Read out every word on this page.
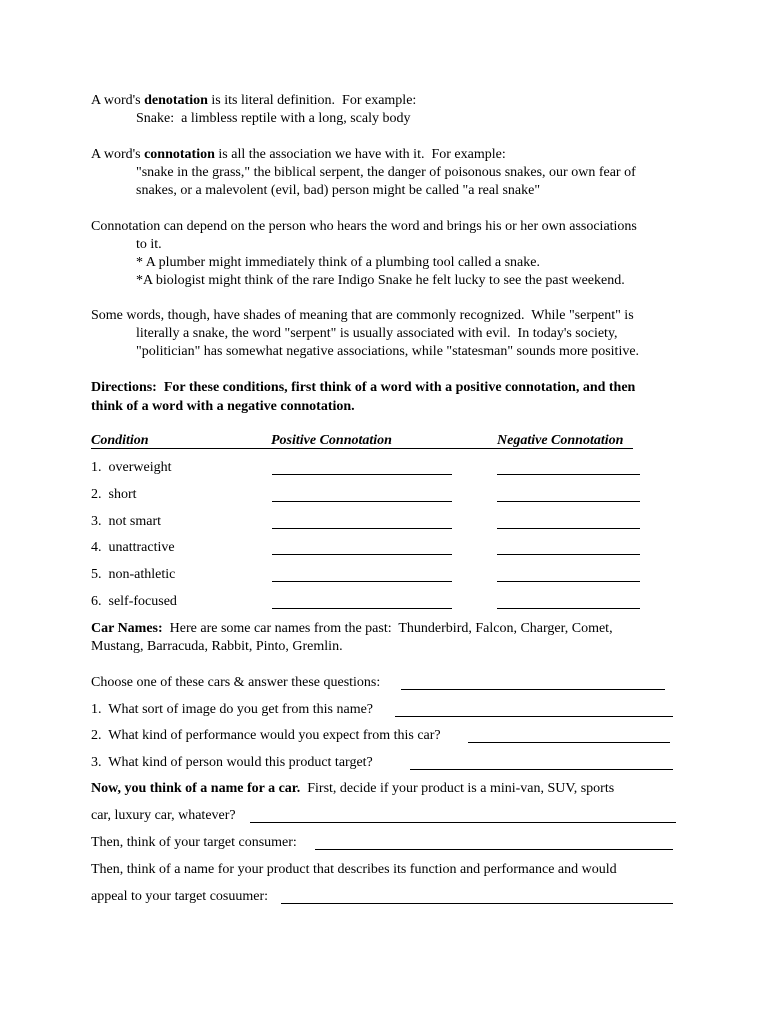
A word's denotation is its literal definition.  For example:
Snake:  a limbless reptile with a long, scaly body
A word's connotation is all the association we have with it.  For example:
"snake in the grass," the biblical serpent, the danger of poisonous snakes, our own fear of
snakes, or a malevolent (evil, bad) person might be called "a real snake"
Connotation can depend on the person who hears the word and brings his or her own associations
to it.
* A plumber might immediately think of a plumbing tool called a snake.
*A biologist might think of the rare Indigo Snake he felt lucky to see the past weekend.
Some words, though, have shades of meaning that are commonly recognized.  While "serpent" is
literally a snake, the word "serpent" is usually associated with evil.  In today's society,
"politician" has somewhat negative associations, while "statesman" sounds more positive.
Directions:  For these conditions, first think of a word with a positive connotation, and then
think of a word with a negative connotation.
Condition	Positive Connotation	Negative Connotation
1.  overweight
2.  short
3.  not smart
4.  unattractive
5.  non-athletic
6.  self-focused
Car Names:  Here are some car names from the past:  Thunderbird, Falcon, Charger, Comet,
Mustang, Barracuda, Rabbit, Pinto, Gremlin.
Choose one of these cars & answer these questions:
1.  What sort of image do you get from this name?
2.  What kind of performance would you expect from this car?
3.  What kind of person would this product target?
Now, you think of a name for a car.  First, decide if your product is a mini-van, SUV, sports
car, luxury car, whatever?
Then, think of your target consumer:
Then, think of a name for your product that describes its function and performance and would
appeal to your target cosuumer:
